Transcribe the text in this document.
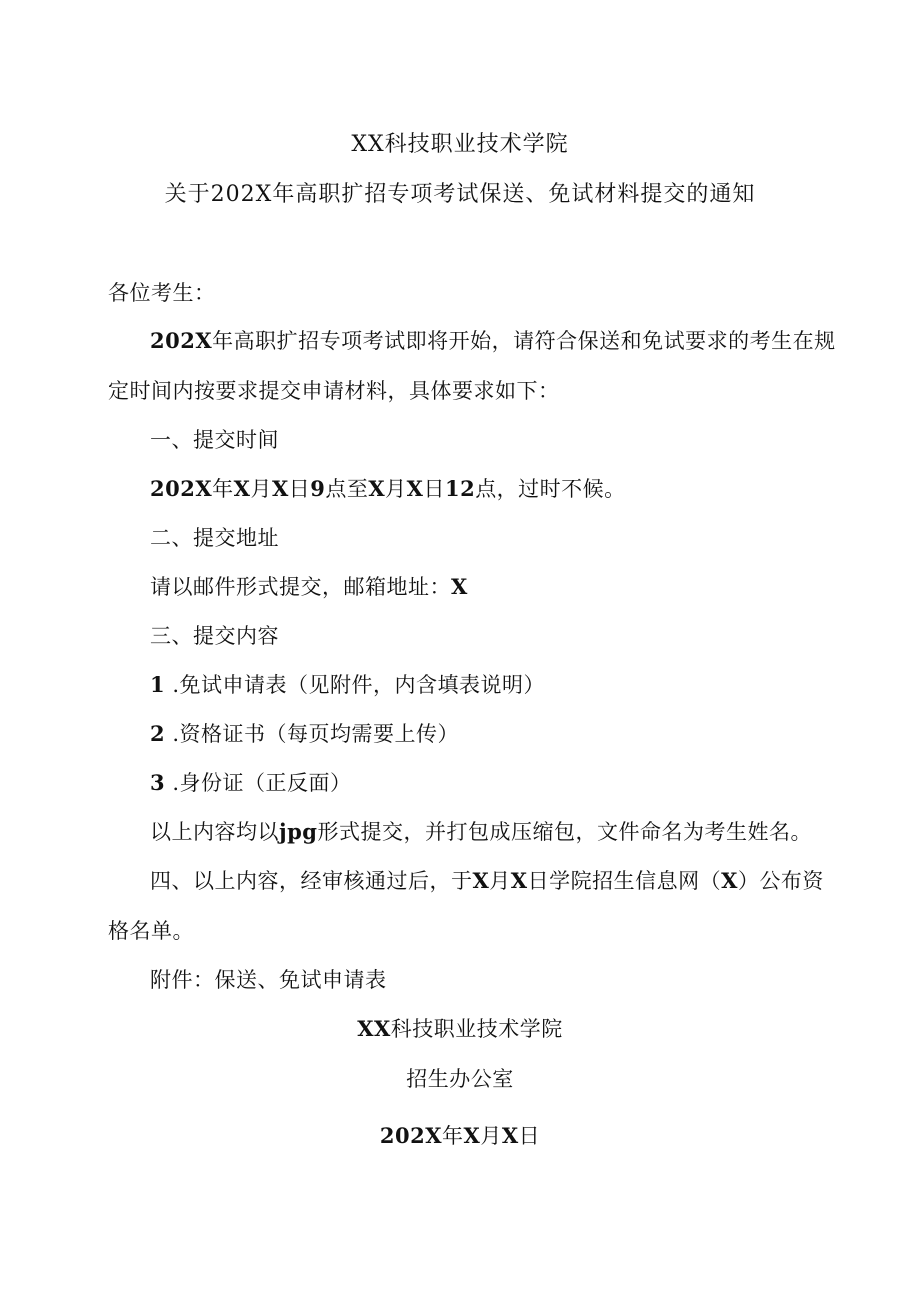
XX科技职业技术学院
关于202X年高职扩招专项考试保送、免试材料提交的通知
各位考生：
202X年高职扩招专项考试即将开始，请符合保送和免试要求的考生在规
定时间内按要求提交申请材料，具体要求如下：
一、提交时间
202X年X月X日9点至X月X日12点，过时不候。
二、提交地址
请以邮件形式提交，邮箱地址：X
三、提交内容
1 .免试申请表（见附件，内含填表说明）
2 .资格证书（每页均需要上传）
3 .身份证（正反面）
以上内容均以jpg形式提交，并打包成压缩包，文件命名为考生姓名。
四、以上内容，经审核通过后，于X月X日学院招生信息网（X）公布资
格名单。
附件：保送、免试申请表
XX科技职业技术学院
招生办公室
202X年X月X日
